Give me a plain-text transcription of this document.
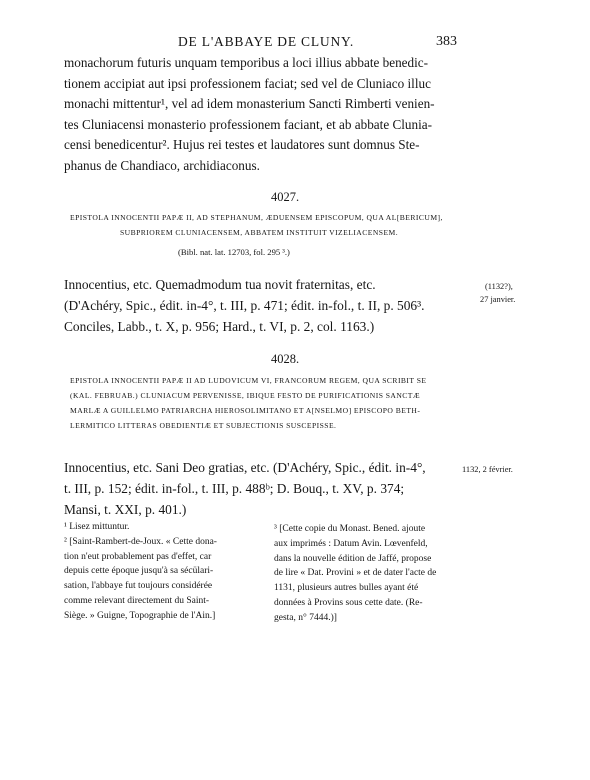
DE L'ABBAYE DE CLUNY.	383
monachorum futuris unquam temporibus a loci illius abbate benedic-
tionem accipiat aut ipsi professionem faciat; sed vel de Cluniaco illuc
monachi mittentur¹, vel ad idem monasterium Sancti Rimberti venien-
tes Cluniacensi monasterio professionem faciant, et ab abbate Clunia-
censi benedicentur². Hujus rei testes et laudatores sunt domnus Ste-
phanus de Chandiaco, archidiaconus.
4027.
EPISTOLA INNOCENTII PAPÆ II, AD STEPHANUM, ÆDUENSEM EPISCOPUM, QUA AL[BERICUM],
SUBPRIOREM CLUNIACENSEM, ABBATEM INSTITUIT VIZELIACENSEM.
(Bibl. nat. lat. 12703, fol. 295 ³.)
Innocentius, etc. Quemadmodum tua novit fraternitas, etc.
(D'Achéry, Spic., édit. in-4°, t. III, p. 471; édit. in-fol., t. II, p. 506³.
Conciles, Labb., t. X, p. 956; Hard., t. VI, p. 2, col. 1163.)
(1132?),
27 janvier.
4028.
EPISTOLA INNOCENTII PAPÆ II AD LUDOVICUM VI, FRANCORUM REGEM, QUA SCRIBIT SE
(KAL. FEBRUAB.) CLUNIACUM PERVENISSE, IBIQUE FESTO DE PURIFICATIONIS SANCTÆ
MARLÆ A GUILLELMO PATRIARCHA HIEROSOLIMITANO ET A[NSELMO] EPISCOPO BETH-
LERMITICO LITTERAS OBEDIENTIÆ ET SUBJECTIONIS SUSCEPISSE.
Innocentius, etc. Sani Deo gratias, etc. (D'Achéry, Spic., édit. in-4°,
t. III, p. 152; édit. in-fol., t. III, p. 488ᵇ; D. Bouq., t. XV, p. 374;
Mansi, t. XXI, p. 401.)
1132, 2 février.
¹ Lisez mittuntur.
² [Saint-Rambert-de-Joux. « Cette dona-
tion n'eut probablement pas d'effet, car
depuis cette époque jusqu'à sa sécülari-
sation, l'abbaye fut toujours considérée
comme relevant directement du Saint-
Siège. » Guigne, Topographie de l'Ain.]
³ [Cette copie du Monast. Bened. ajoute
aux imprimés : Datum Avin. Lœvenfeld,
dans la nouvelle édition de Jaffé, propose
de lire « Dat. Provini » et de dater l'acte de
1131, plusieurs autres bulles ayant été
données à Provins sous cette date. (Re-
gesta, n° 7444.)]
